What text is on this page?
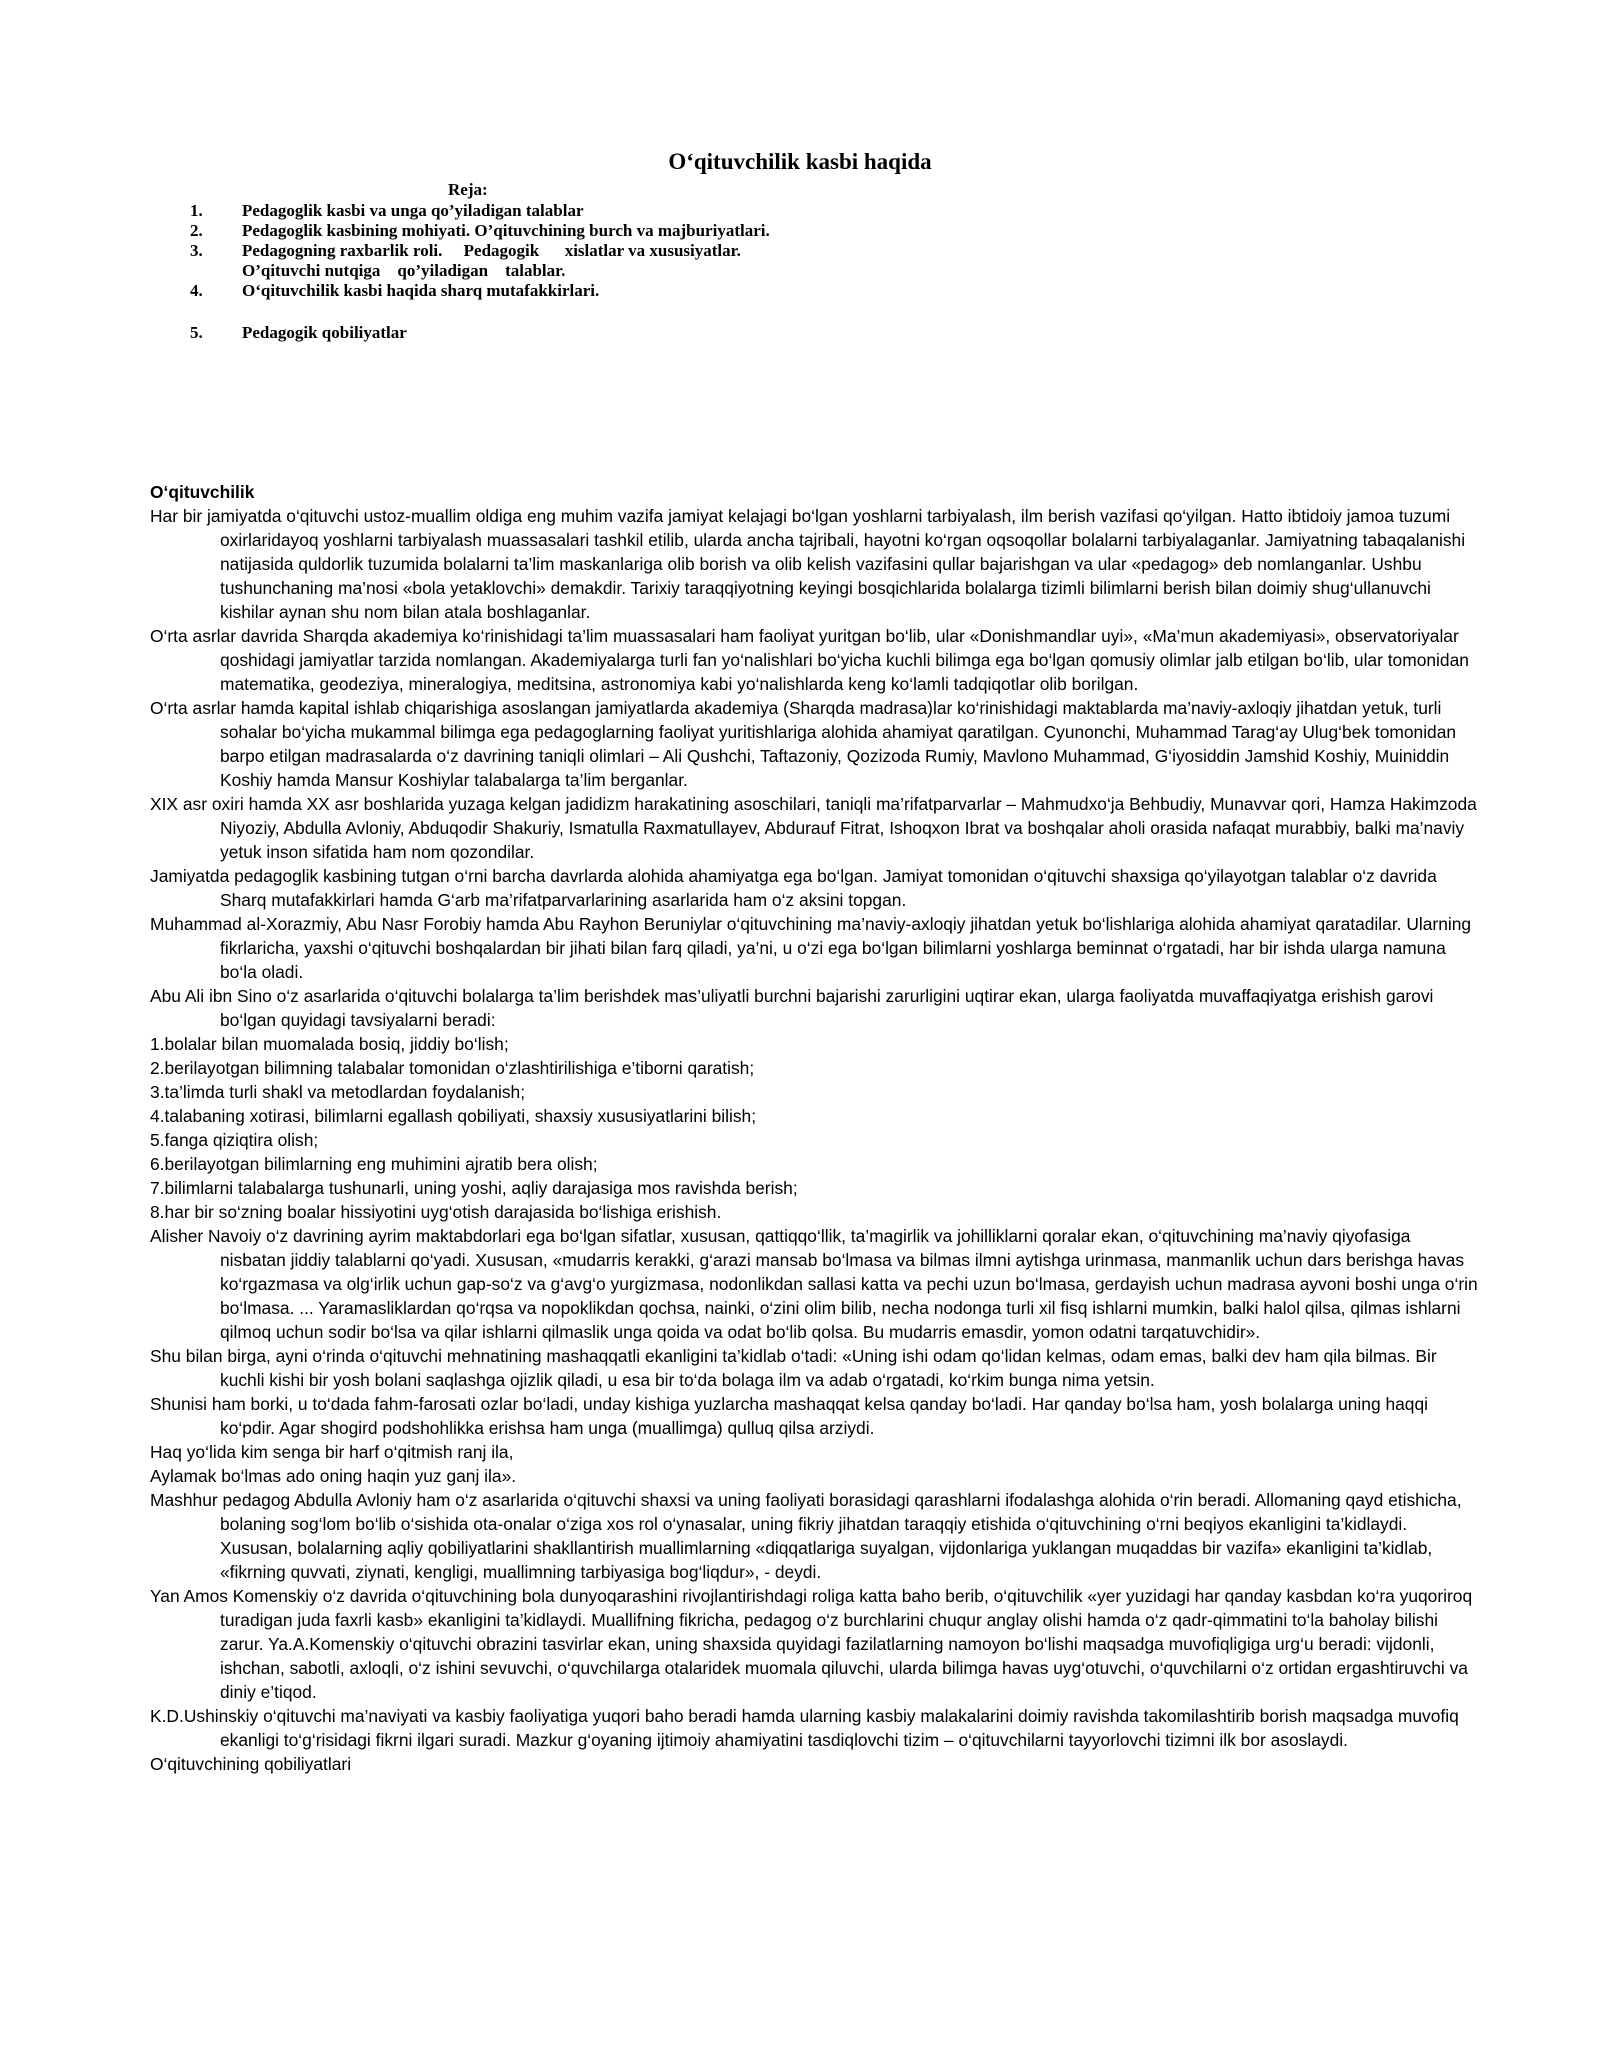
O‘qituvchilik kasbi haqida
Reja:
1.	Pedagoglik kasbi va unga qo’yiladigan talablar
2.	Pedagoglik kasbining mohiyati. O’qituvchining burch va majburiyatlari.
3.	Pedagogning raxbarlik roli.     Pedagogik      xislatlar va xususiyatlar.
O’qituvchi nutqiga    qo’yiladigan    talablar.
4.	O‘qituvchilik kasbi haqida sharq mutafakkirlari.
5.	Pedagogik qobiliyatlar
O‘qituvchilik
Har bir jamiyatda o‘qituvchi ustoz-muallim oldiga eng muhim vazifa jamiyat kelajagi bo‘lgan yoshlarni tarbiyalash, ilm berish vazifasi qo‘yilgan. Hatto ibtidoiy jamoa tuzumi oxirlaridayoq yoshlarni tarbiyalash muassasalari tashkil etilib, ularda ancha tajribali, hayotni ko‘rgan oqsoqollar bolalarni tarbiyalaganlar. Jamiyatning tabaqalanishi natijasida quldorlik tuzumida bolalarni ta’lim maskanlariga olib borish va olib kelish vazifasini qullar bajarishgan va ular «pedagog» deb nomlanganlar. Ushbu tushunchaning ma’nosi «bola yetaklovchi» demakdir. Tarixiy taraqqiyotning keyingi bosqichlarida bolalarga tizimli bilimlarni berish bilan doimiy shug‘ullanuvchi kishilar aynan shu nom bilan atala boshlaganlar.
O‘rta asrlar davrida Sharqda akademiya ko‘rinishidagi ta’lim muassasalari ham faoliyat yuritgan bo‘lib, ular «Donishmandlar uyi», «Ma’mun akademiyasi», observatoriyalar qoshidagi jamiyatlar tarzida nomlangan. Akademiyalarga turli fan yo‘nalishlari bo‘yicha kuchli bilimga ega bo‘lgan qomusiy olimlar jalb etilgan bo‘lib, ular tomonidan matematika, geodeziya, mineralogiya, meditsina, astronomiya kabi yo‘nalishlarda keng ko‘lamli tadqiqotlar olib borilgan.
O‘rta asrlar hamda kapital ishlab chiqarishiga asoslangan jamiyatlarda akademiya (Sharqda madrasa)lar ko‘rinishidagi maktablarda ma’naviy-axloqiy jihatdan yetuk, turli sohalar bo‘yicha mukammal bilimga ega pedagoglarning faoliyat yuritishlariga alohida ahamiyat qaratilgan. Cyunonchi, Muhammad Tarag‘ay Ulug‘bek tomonidan barpo etilgan madrasalarda o‘z davrining taniqli olimlari – Ali Qushchi, Taftazoniy, Qozizoda Rumiy, Mavlono Muhammad, G‘iyosiddin Jamshid Koshiy, Muiniddin Koshiy hamda Mansur Koshiylar talabalarga ta’lim berganlar.
XIX asr oxiri hamda XX asr boshlarida yuzaga kelgan jadidizm harakatining asoschilari, taniqli ma’rifatparvarlar – Mahmudxo‘ja Behbudiy, Munavvar qori, Hamza Hakimzoda Niyoziy, Abdulla Avloniy, Abduqodir Shakuriy, Ismatulla Raxmatullayev, Abdurauf Fitrat, Ishoqxon Ibrat va boshqalar aholi orasida nafaqat murabbiy, balki ma’naviy yetuk inson sifatida ham nom qozondilar.
Jamiyatda pedagoglik kasbining tutgan o‘rni barcha davrlarda alohida ahamiyatga ega bo‘lgan. Jamiyat tomonidan o‘qituvchi shaxsiga qo‘yilayotgan talablar o‘z davrida Sharq mutafakkirlari hamda G‘arb ma’rifatparvarlarining asarlarida ham o‘z aksini topgan.
Muhammad al-Xorazmiy, Abu Nasr Forobiy hamda Abu Rayhon Beruniylar o‘qituvchining ma’naviy-axloqiy jihatdan yetuk bo‘lishlariga alohida ahamiyat qaratadilar. Ularning fikrlaricha, yaxshi o‘qituvchi boshqalardan bir jihati bilan farq qiladi, ya’ni, u o‘zi ega bo‘lgan bilimlarni yoshlarga beminnat o‘rgatadi, har bir ishda ularga namuna bo‘la oladi.
Abu Ali ibn Sino o‘z asarlarida o‘qituvchi bolalarga ta’lim berishdek mas’uliyatli burchni bajarishi zarurligini uqtirar ekan, ularga faoliyatda muvaffaqiyatga erishish garovi bo‘lgan quyidagi tavsiyalarni beradi:
1.bolalar bilan muomalada bosiq, jiddiy bo‘lish;
2.berilayotgan bilimning talabalar tomonidan o‘zlashtirilishiga e’tiborni qaratish;
3.ta’limda turli shakl va metodlardan foydalanish;
4.talabaning xotirasi, bilimlarni egallash qobiliyati, shaxsiy xususiyatlarini bilish;
5.fanga qiziqtira olish;
6.berilayotgan bilimlarning eng muhimini ajratib bera olish;
7.bilimlarni talabalarga tushunarli, uning yoshi, aqliy darajasiga mos ravishda berish;
8.har bir so‘zning boalar hissiyotini uyg‘otish darajasida bo‘lishiga erishish.
Alisher Navoiy o‘z davrining ayrim maktabdorlari ega bo‘lgan sifatlar, xususan, qattiqqo‘llik, ta’magirlik va johilliklarni qoralar ekan, o‘qituvchining ma’naviy qiyofasiga nisbatan jiddiy talablarni qo‘yadi. Xususan, «mudarris kerakki, g‘arazi mansab bo‘lmasa va bilmas ilmni aytishga urinmasa, manmanlik uchun dars berishga havas ko‘rgazmasa va olg‘irlik uchun gap-so‘z va g‘avg‘o yurgizmasa, nodonlikdan sallasi katta va pechi uzun bo‘lmasa, gerdayish uchun madrasa ayvoni boshi unga o‘rin bo‘lmasa. ... Yaramasliklardan qo‘rqsa va nopoklikdan qochsa, nainki, o‘zini olim bilib, necha nodonga turli xil fisq ishlarni mumkin, balki halol qilsa, qilmas ishlarni qilmoq uchun sodir bo‘lsa va qilar ishlarni qilmaslik unga qoida va odat bo‘lib qolsa. Bu mudarris emasdir, yomon odatni tarqatuvchidir».
Shu bilan birga, ayni o‘rinda o‘qituvchi mehnatining mashaqqatli ekanligini ta’kidlab o‘tadi: «Uning ishi odam qo‘lidan kelmas, odam emas, balki dev ham qila bilmas. Bir kuchli kishi bir yosh bolani saqlashga ojizlik qiladi, u esa bir to‘da bolaga ilm va adab o‘rgatadi, ko‘rkim bunga nima yetsin.
Shunisi ham borki, u to‘dada fahm-farosati ozlar bo‘ladi, unday kishiga yuzlarcha mashaqqat kelsa qanday bo‘ladi. Har qanday bo‘lsa ham, yosh bolalarga uning haqqi ko‘pdir. Agar shogird podshohlikka erishsa ham unga (muallimga) qulluq qilsa arziydi.
Haq yo‘lida kim senga bir harf o‘qitmish ranj ila,
Aylamak bo‘lmas ado oning haqin yuz ganj ila».
Mashhur pedagog Abdulla Avloniy ham o‘z asarlarida o‘qituvchi shaxsi va uning faoliyati borasidagi qarashlarni ifodalashga alohida o‘rin beradi. Allomaning qayd etishicha, bolaning sog‘lom bo‘lib o‘sishida ota-onalar o‘ziga xos rol o‘ynasalar, uning fikriy jihatdan taraqqiy etishida o‘qituvchining o‘rni beqiyos ekanligini ta’kidlaydi. Xususan, bolalarning aqliy qobiliyatlarini shakllantirish muallimlarning «diqqatlariga suyalgan, vijdonlariga yuklangan muqaddas bir vazifa» ekanligini ta’kidlab, «fikrning quvvati, ziynati, kengligi, muallimning tarbiyasiga bog‘liqdur», - deydi.
Yan Amos Komenskiy o‘z davrida o‘qituvchining bola dunyoqarashini rivojlantirishdagi roliga katta baho berib, o‘qituvchilik «yer yuzidagi har qanday kasbdan ko‘ra yuqoriroq turadigan juda faxrli kasb» ekanligini ta’kidlaydi. Muallifning fikricha, pedagog o‘z burchlarini chuqur anglay olishi hamda o‘z qadr-qimmatini to‘la baholay bilishi zarur. Ya.A.Komenskiy o‘qituvchi obrazini tasvirlar ekan, uning shaxsida quyidagi fazilatlarning namoyon bo‘lishi maqsadga muvofiqligiga urg‘u beradi: vijdonli, ishchan, sabotli, axloqli, o‘z ishini sevuvchi, o‘quvchilarga otalaridek muomala qiluvchi, ularda bilimga havas uyg‘otuvchi, o‘quvchilarni o‘z ortidan ergashtiruvchi va diniy e’tiqod.
K.D.Ushinskiy o‘qituvchi ma’naviyati va kasbiy faoliyatiga yuqori baho beradi hamda ularning kasbiy malakalarini doimiy ravishda takomilashtirib borish maqsadga muvofiq ekanligi to‘g‘risidagi fikrni ilgari suradi. Mazkur g‘oyaning ijtimoiy ahamiyatini tasdiqlovchi tizim – o‘qituvchilarni tayyorlovchi tizimni ilk bor asoslaydi.
O‘qituvchining qobiliyatlari
